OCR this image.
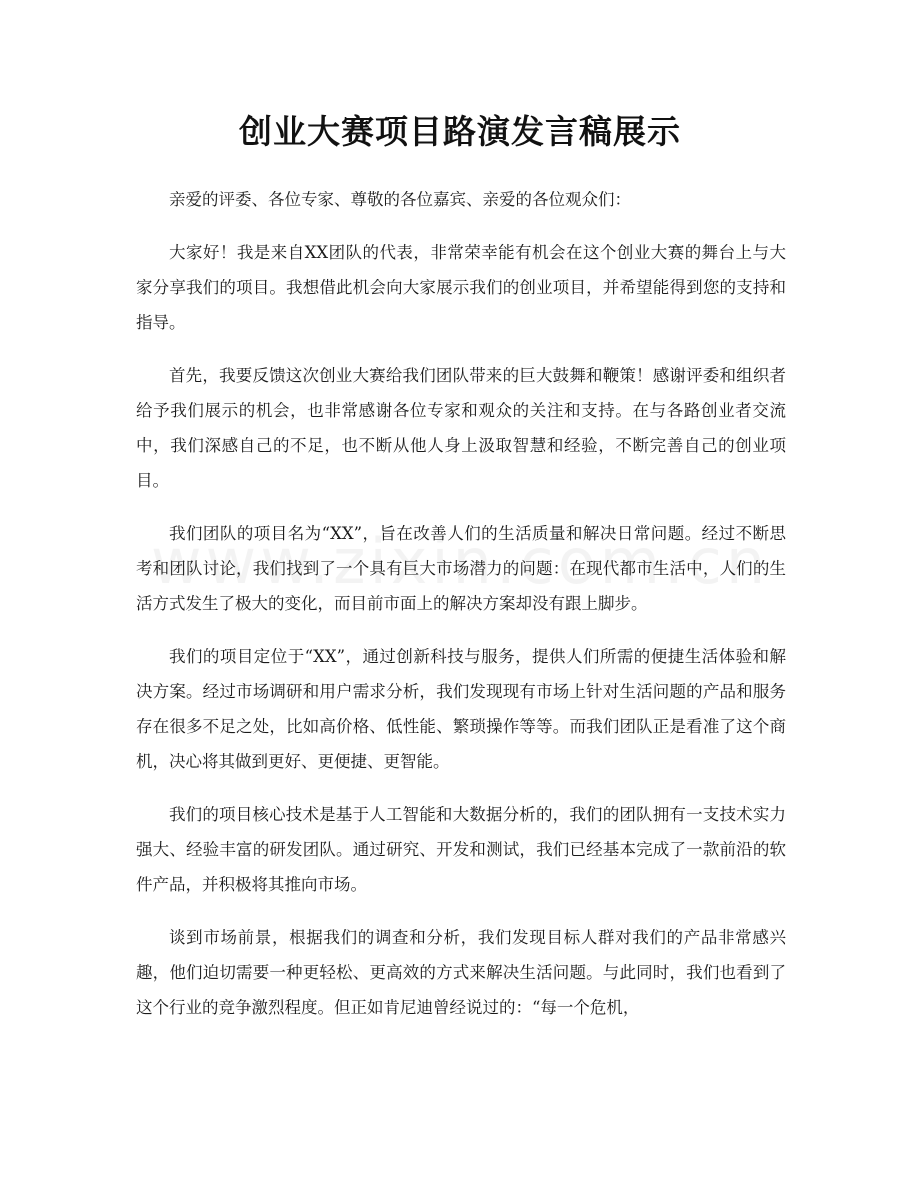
创业大赛项目路演发言稿展示

亲爱的评委、各位专家、尊敬的各位嘉宾、亲爱的各位观众们：

大家好！我是来自XX团队的代表，非常荣幸能有机会在这个创业大赛的舞台上与大家分享我们的项目。我想借此机会向大家展示我们的创业项目，并希望能得到您的支持和指导。

首先，我要反馈这次创业大赛给我们团队带来的巨大鼓舞和鞭策！感谢评委和组织者给予我们展示的机会，也非常感谢各位专家和观众的关注和支持。在与各路创业者交流中，我们深感自己的不足，也不断从他人身上汲取智慧和经验，不断完善自己的创业项目。

我们团队的项目名为“XX”，旨在改善人们的生活质量和解决日常问题。经过不断思考和团队讨论，我们找到了一个具有巨大市场潜力的问题：在现代都市生活中，人们的生活方式发生了极大的变化，而目前市面上的解决方案却没有跟上脚步。

我们的项目定位于“XX”，通过创新科技与服务，提供人们所需的便捷生活体验和解决方案。经过市场调研和用户需求分析，我们发现现有市场上针对生活问题的产品和服务存在很多不足之处，比如高价格、低性能、繁琐操作等等。而我们团队正是看准了这个商机，决心将其做到更好、更便捷、更智能。

我们的项目核心技术是基于人工智能和大数据分析的，我们的团队拥有一支技术实力强大、经验丰富的研发团队。通过研究、开发和测试，我们已经基本完成了一款前沿的软件产品，并积极将其推向市场。

谈到市场前景，根据我们的调查和分析，我们发现目标人群对我们的产品非常感兴趣，他们迫切需要一种更轻松、更高效的方式来解决生活问题。与此同时，我们也看到了这个行业的竞争激烈程度。但正如肯尼迪曾经说过的：“每一个危机，
